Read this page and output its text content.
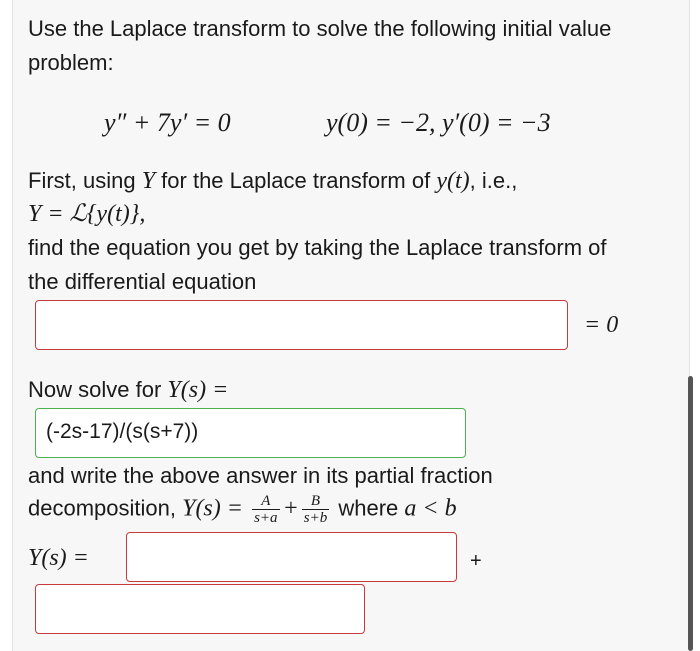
Use the Laplace transform to solve the following initial value
problem:
y″ + 7y′ = 0	y(0) = −2, y′(0) = −3
First, using Y for the Laplace transform of y(t), i.e.,
Y = ℒ{y(t)},
find the equation you get by taking the Laplace transform of
the differential equation
= 0
Now solve for Y(s) =
(-2s-17)/(s(s+7))
and write the above answer in its partial fraction
decomposition, $Y(s) = \frac{A}{s+a} + \frac{B}{s+b}$ where a < b
Y(s) =	+
